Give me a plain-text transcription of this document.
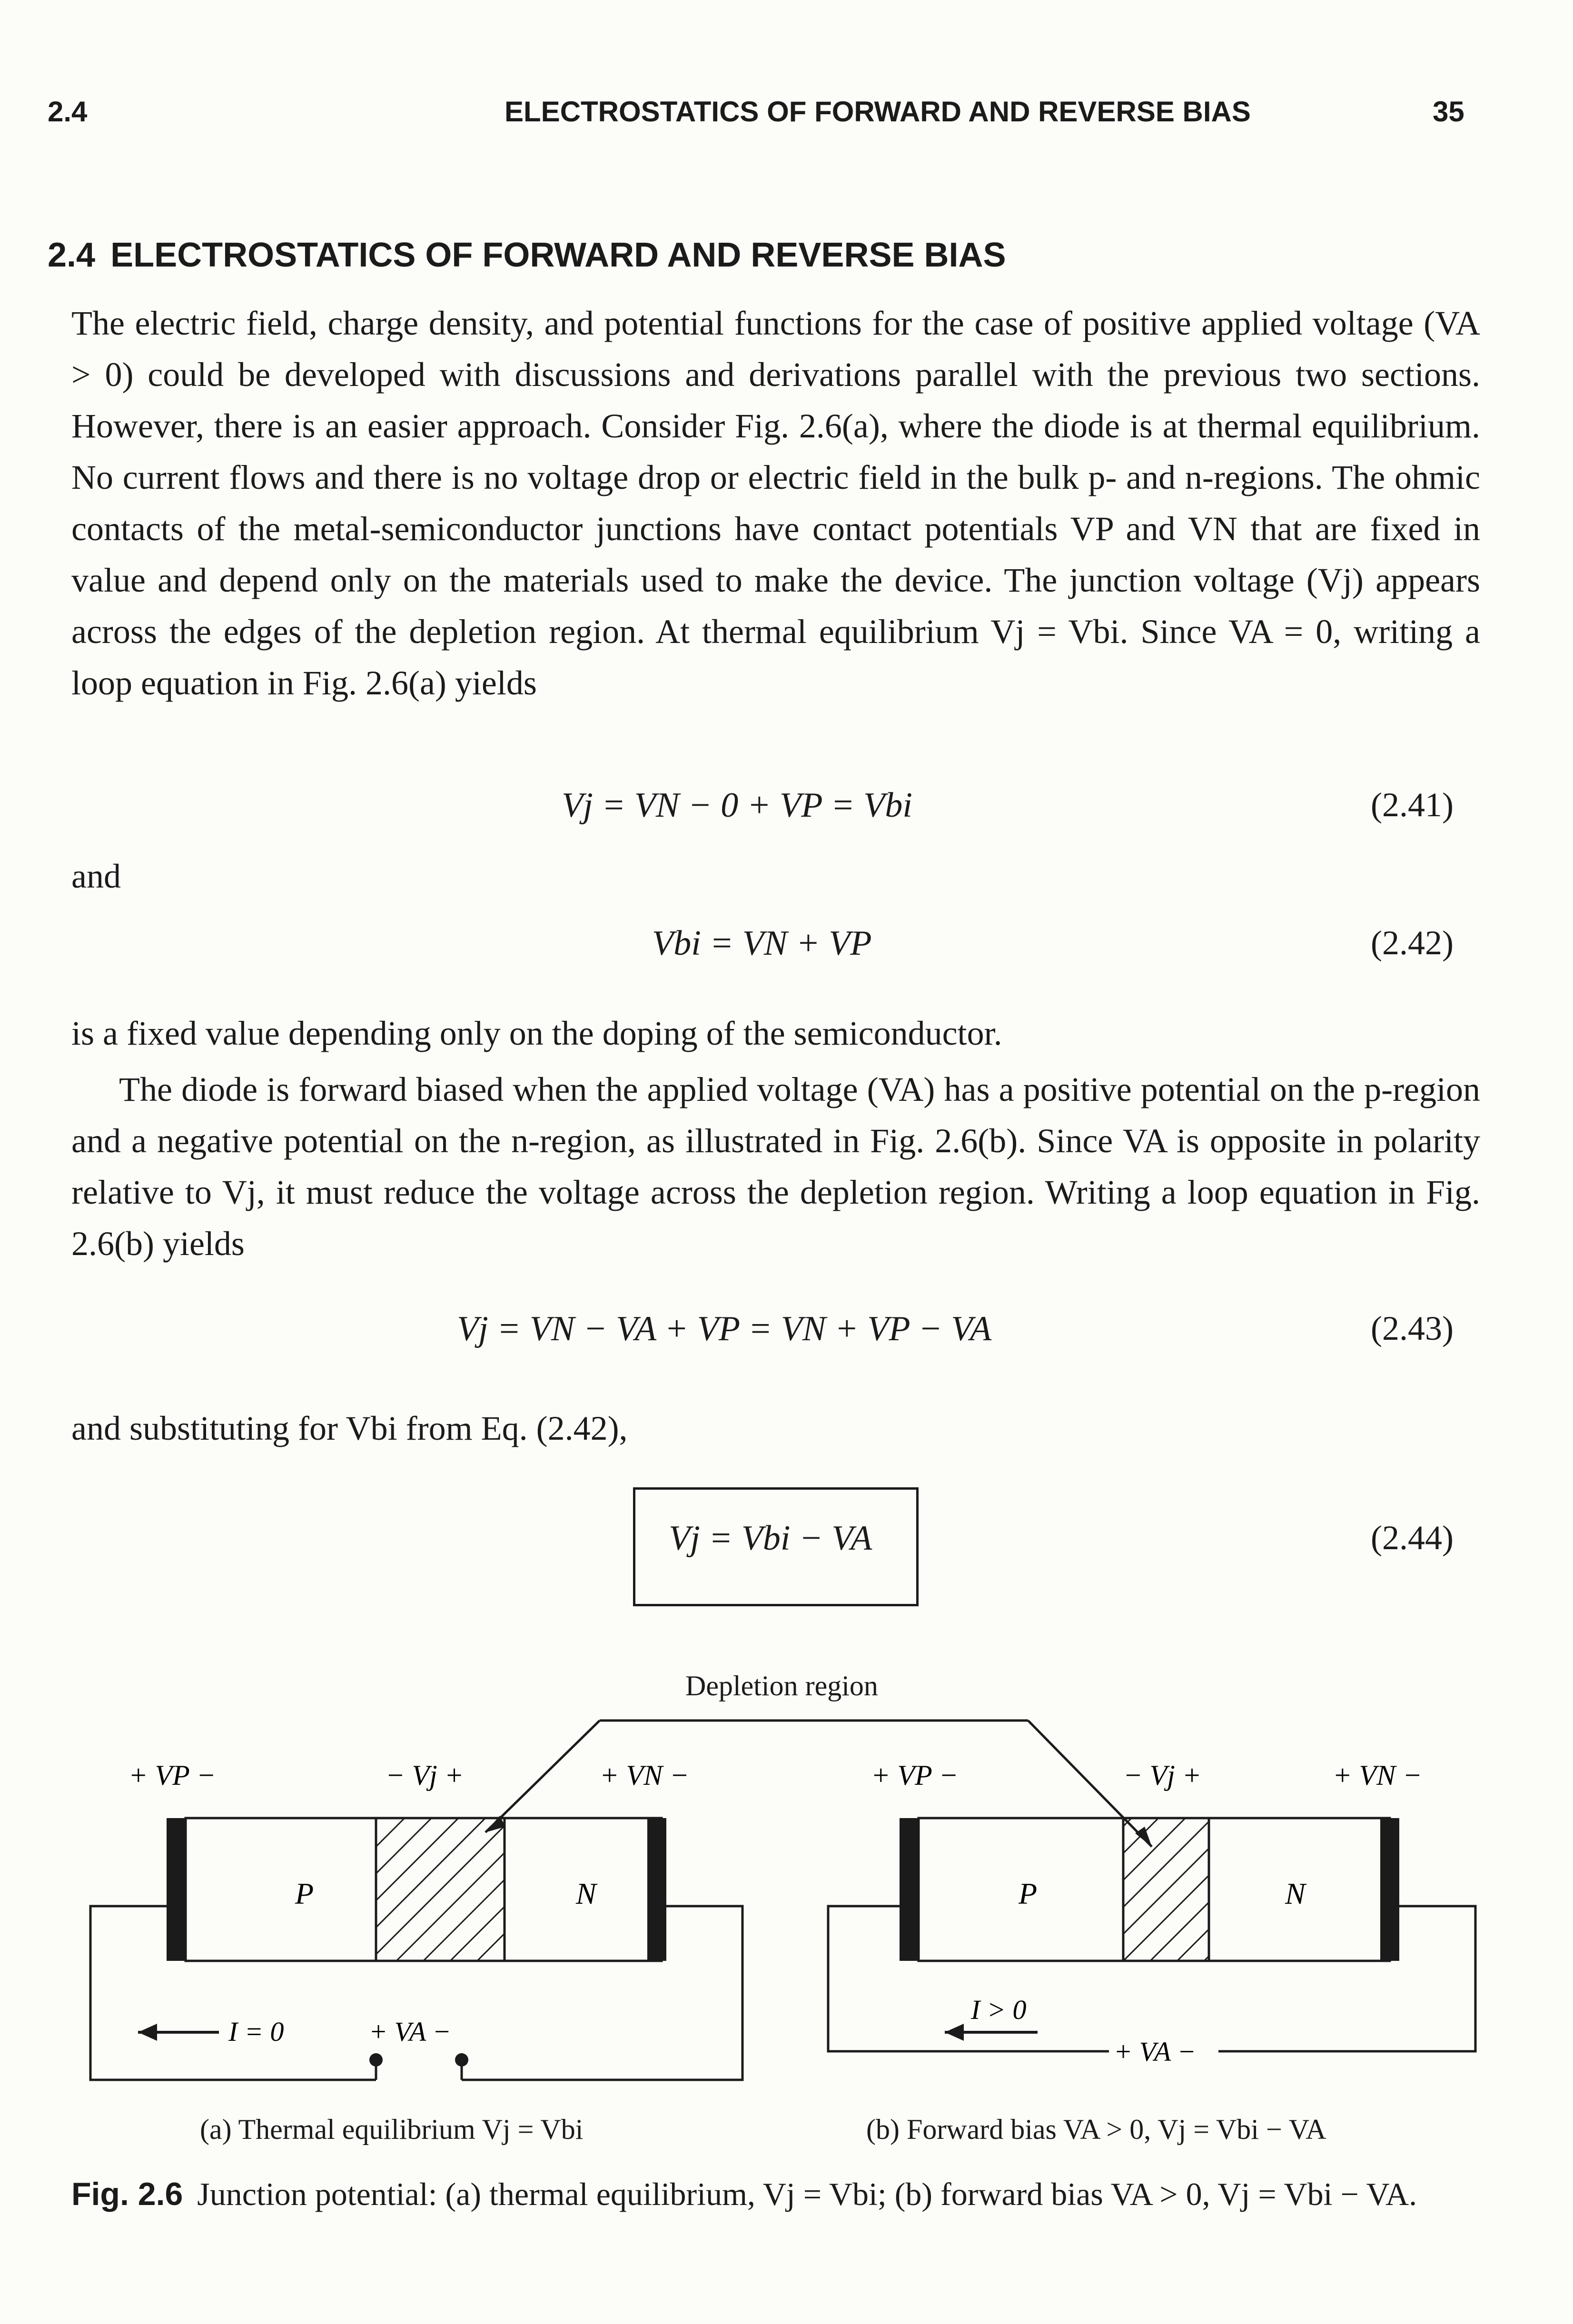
2.4	ELECTROSTATICS OF FORWARD AND REVERSE BIAS	35
2.4 ELECTROSTATICS OF FORWARD AND REVERSE BIAS
The electric field, charge density, and potential functions for the case of positive applied voltage (VA > 0) could be developed with discussions and derivations parallel with the previous two sections. However, there is an easier approach. Consider Fig. 2.6(a), where the diode is at thermal equilibrium. No current flows and there is no voltage drop or electric field in the bulk p- and n-regions. The ohmic contacts of the metal-semiconductor junctions have contact potentials VP and VN that are fixed in value and depend only on the materials used to make the device. The junction voltage (Vj) appears across the edges of the depletion region. At thermal equilibrium Vj = Vbi. Since VA = 0, writing a loop equation in Fig. 2.6(a) yields
Vj = VN − 0 + VP = Vbi	(2.41)
and
Vbi = VN + VP	(2.42)
is a fixed value depending only on the doping of the semiconductor.
The diode is forward biased when the applied voltage (VA) has a positive potential on the p-region and a negative potential on the n-region, as illustrated in Fig. 2.6(b). Since VA is opposite in polarity relative to Vj, it must reduce the voltage across the depletion region. Writing a loop equation in Fig. 2.6(b) yields
Vj = VN − VA + VP = VN + VP − VA	(2.43)
and substituting for Vbi from Eq. (2.42),
Vj = Vbi − VA	(2.44)
Depletion region
P	N
+ VP −	− Vj +	+ VN −
I = 0	+ VA −
P	N
+ VP −	− Vj +	+ VN −
I > 0
+ VA −
(a) Thermal equilibrium Vj = Vbi	(b) Forward bias VA > 0, Vj = Vbi − VA
Fig. 2.6 Junction potential: (a) thermal equilibrium, Vj = Vbi; (b) forward bias VA > 0, Vj = Vbi − VA.
